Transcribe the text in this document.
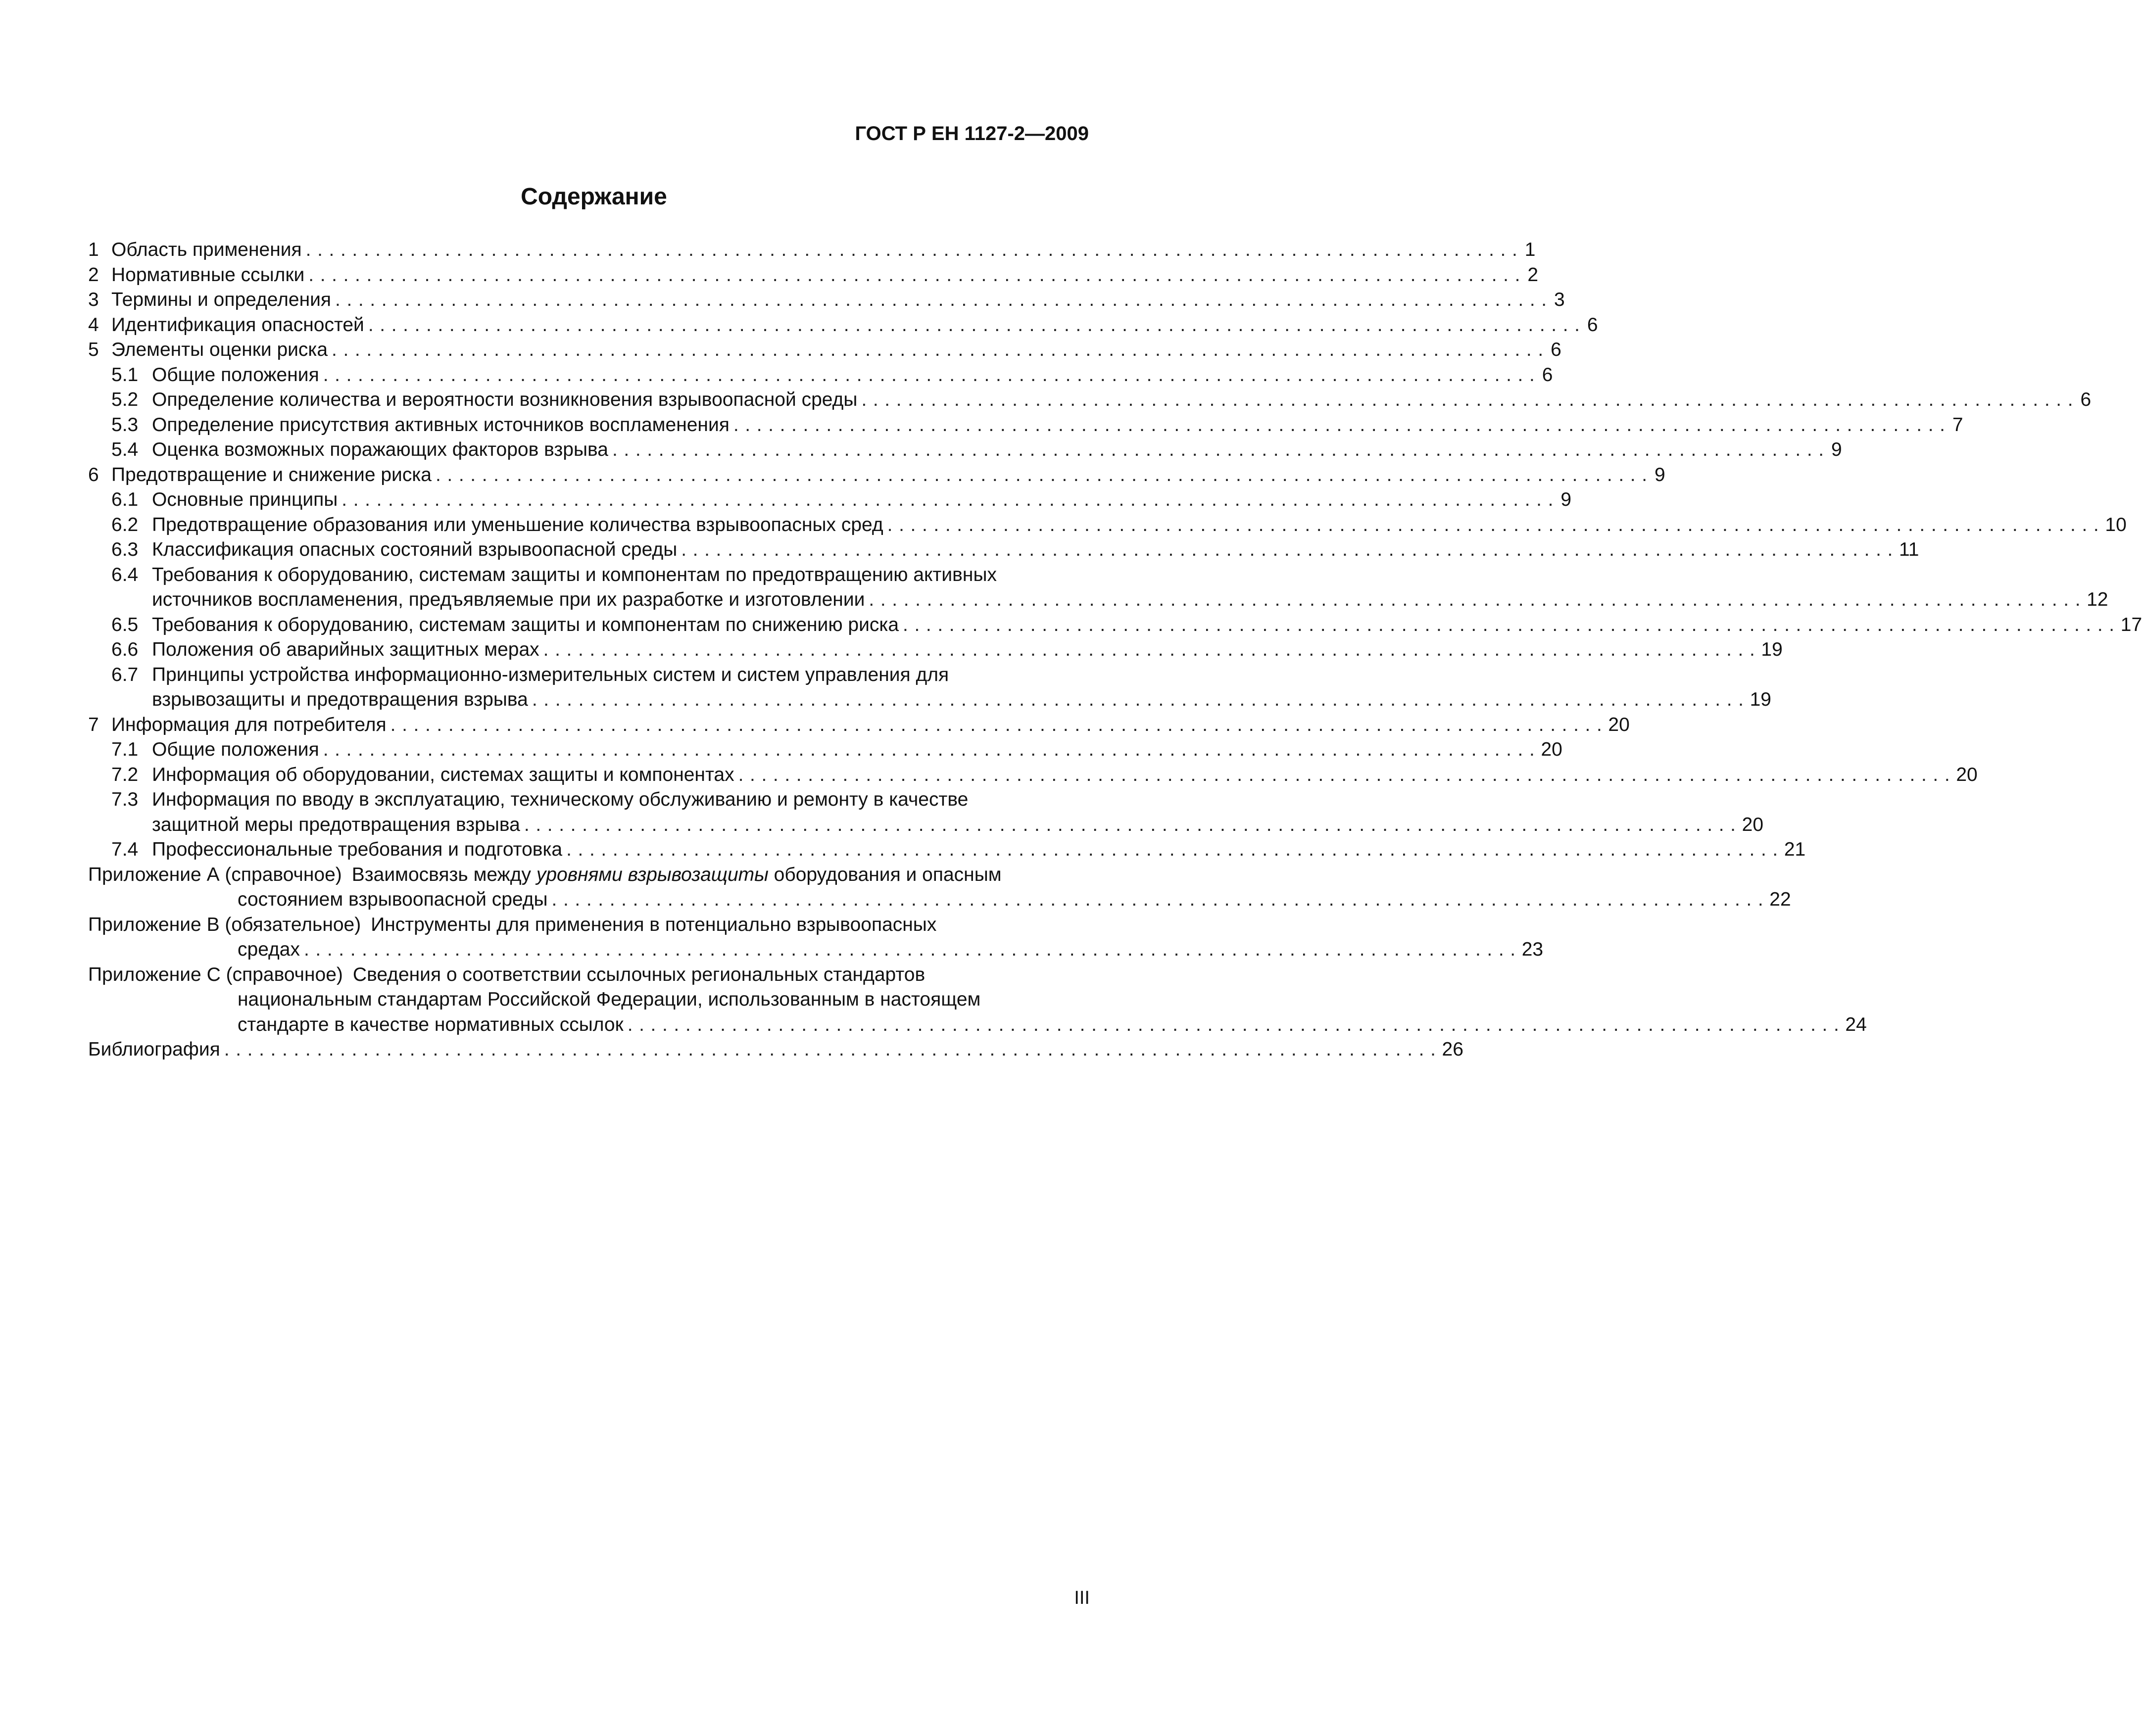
ГОСТ Р ЕН 1127-2—2009
Содержание
1 Область применения ......................................................................................................... 1
2 Нормативные ссылки ......................................................................................................... 2
3 Термины и определения ......................................................................................................... 3
4 Идентификация опасностей ......................................................................................................... 6
5 Элементы оценки риска ......................................................................................................... 6
5.1 Общие положения ......................................................................................................... 6
5.2 Определение количества и вероятности возникновения взрывоопасной среды ......................................................................................................... 6
5.3 Определение присутствия активных источников воспламенения ......................................................................................................... 7
5.4 Оценка возможных поражающих факторов взрыва ......................................................................................................... 9
6 Предотвращение и снижение риска ......................................................................................................... 9
6.1 Основные принципы ......................................................................................................... 9
6.2 Предотвращение образования или уменьшение количества взрывоопасных сред ......................................................................................................... 10
6.3 Классификация опасных состояний взрывоопасной среды ......................................................................................................... 11
6.4 Требования к оборудованию, системам защиты и компонентам по предотвращению активных
источников воспламенения, предъявляемые при их разработке и изготовлении ......................................................................................................... 12
6.5 Требования к оборудованию, системам защиты и компонентам по снижению риска ......................................................................................................... 17
6.6 Положения об аварийных защитных мерах ......................................................................................................... 19
6.7 Принципы устройства информационно-измерительных систем и систем управления для
взрывозащиты и предотвращения взрыва ......................................................................................................... 19
7 Информация для потребителя ......................................................................................................... 20
7.1 Общие положения ......................................................................................................... 20
7.2 Информация об оборудовании, системах защиты и компонентах ......................................................................................................... 20
7.3 Информация по вводу в эксплуатацию, техническому обслуживанию и ремонту в качестве
защитной меры предотвращения взрыва ......................................................................................................... 20
7.4 Профессиональные требования и подготовка ......................................................................................................... 21
Приложение А (справочное) Взаимосвязь между уровнями взрывозащиты оборудования и опасным
состоянием взрывоопасной среды ......................................................................................................... 22
Приложение В (обязательное) Инструменты для применения в потенциально взрывоопасных
средах ......................................................................................................... 23
Приложение С (справочное) Сведения о соответствии ссылочных региональных стандартов
национальным стандартам Российской Федерации, использованным в настоящем
стандарте в качестве нормативных ссылок ......................................................................................................... 24
Библиография ......................................................................................................... 26
III
